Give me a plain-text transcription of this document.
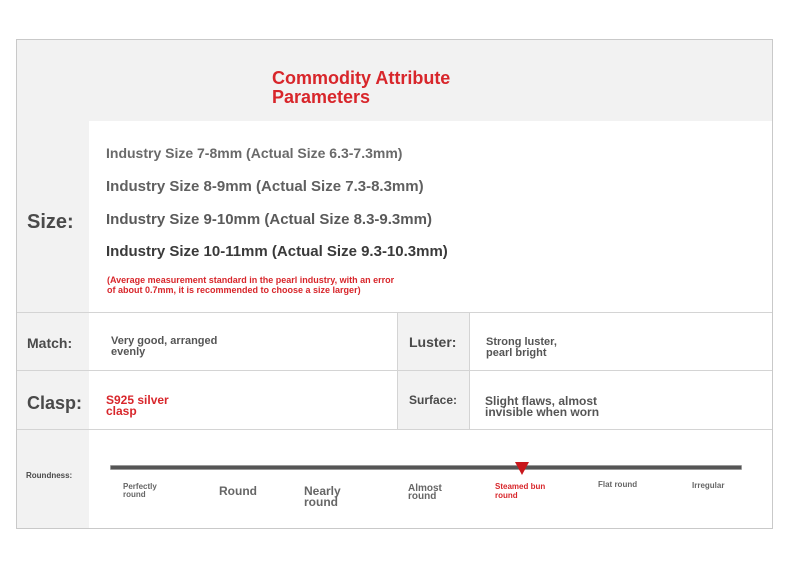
Commodity Attribute
Parameters
Size:
Industry Size 7-8mm (Actual Size 6.3-7.3mm)
Industry Size 8-9mm (Actual Size 7.3-8.3mm)
Industry Size 9-10mm (Actual Size 8.3-9.3mm)
Industry Size 10-11mm (Actual Size 9.3-10.3mm)
(Average measurement standard in the pearl industry, with an error
of about 0.7mm, it is recommended to choose a size larger)
Match:	Very good, arranged
evenly
Luster:	Strong luster,
pearl bright
Clasp: S925 silver
clasp
Surface: Slight flaws, almost
invisible when worn
Roundness:
Perfectly
round	Round	Nearly
round
Almost
round
Steamed bun
round
Flat round	Irregular
